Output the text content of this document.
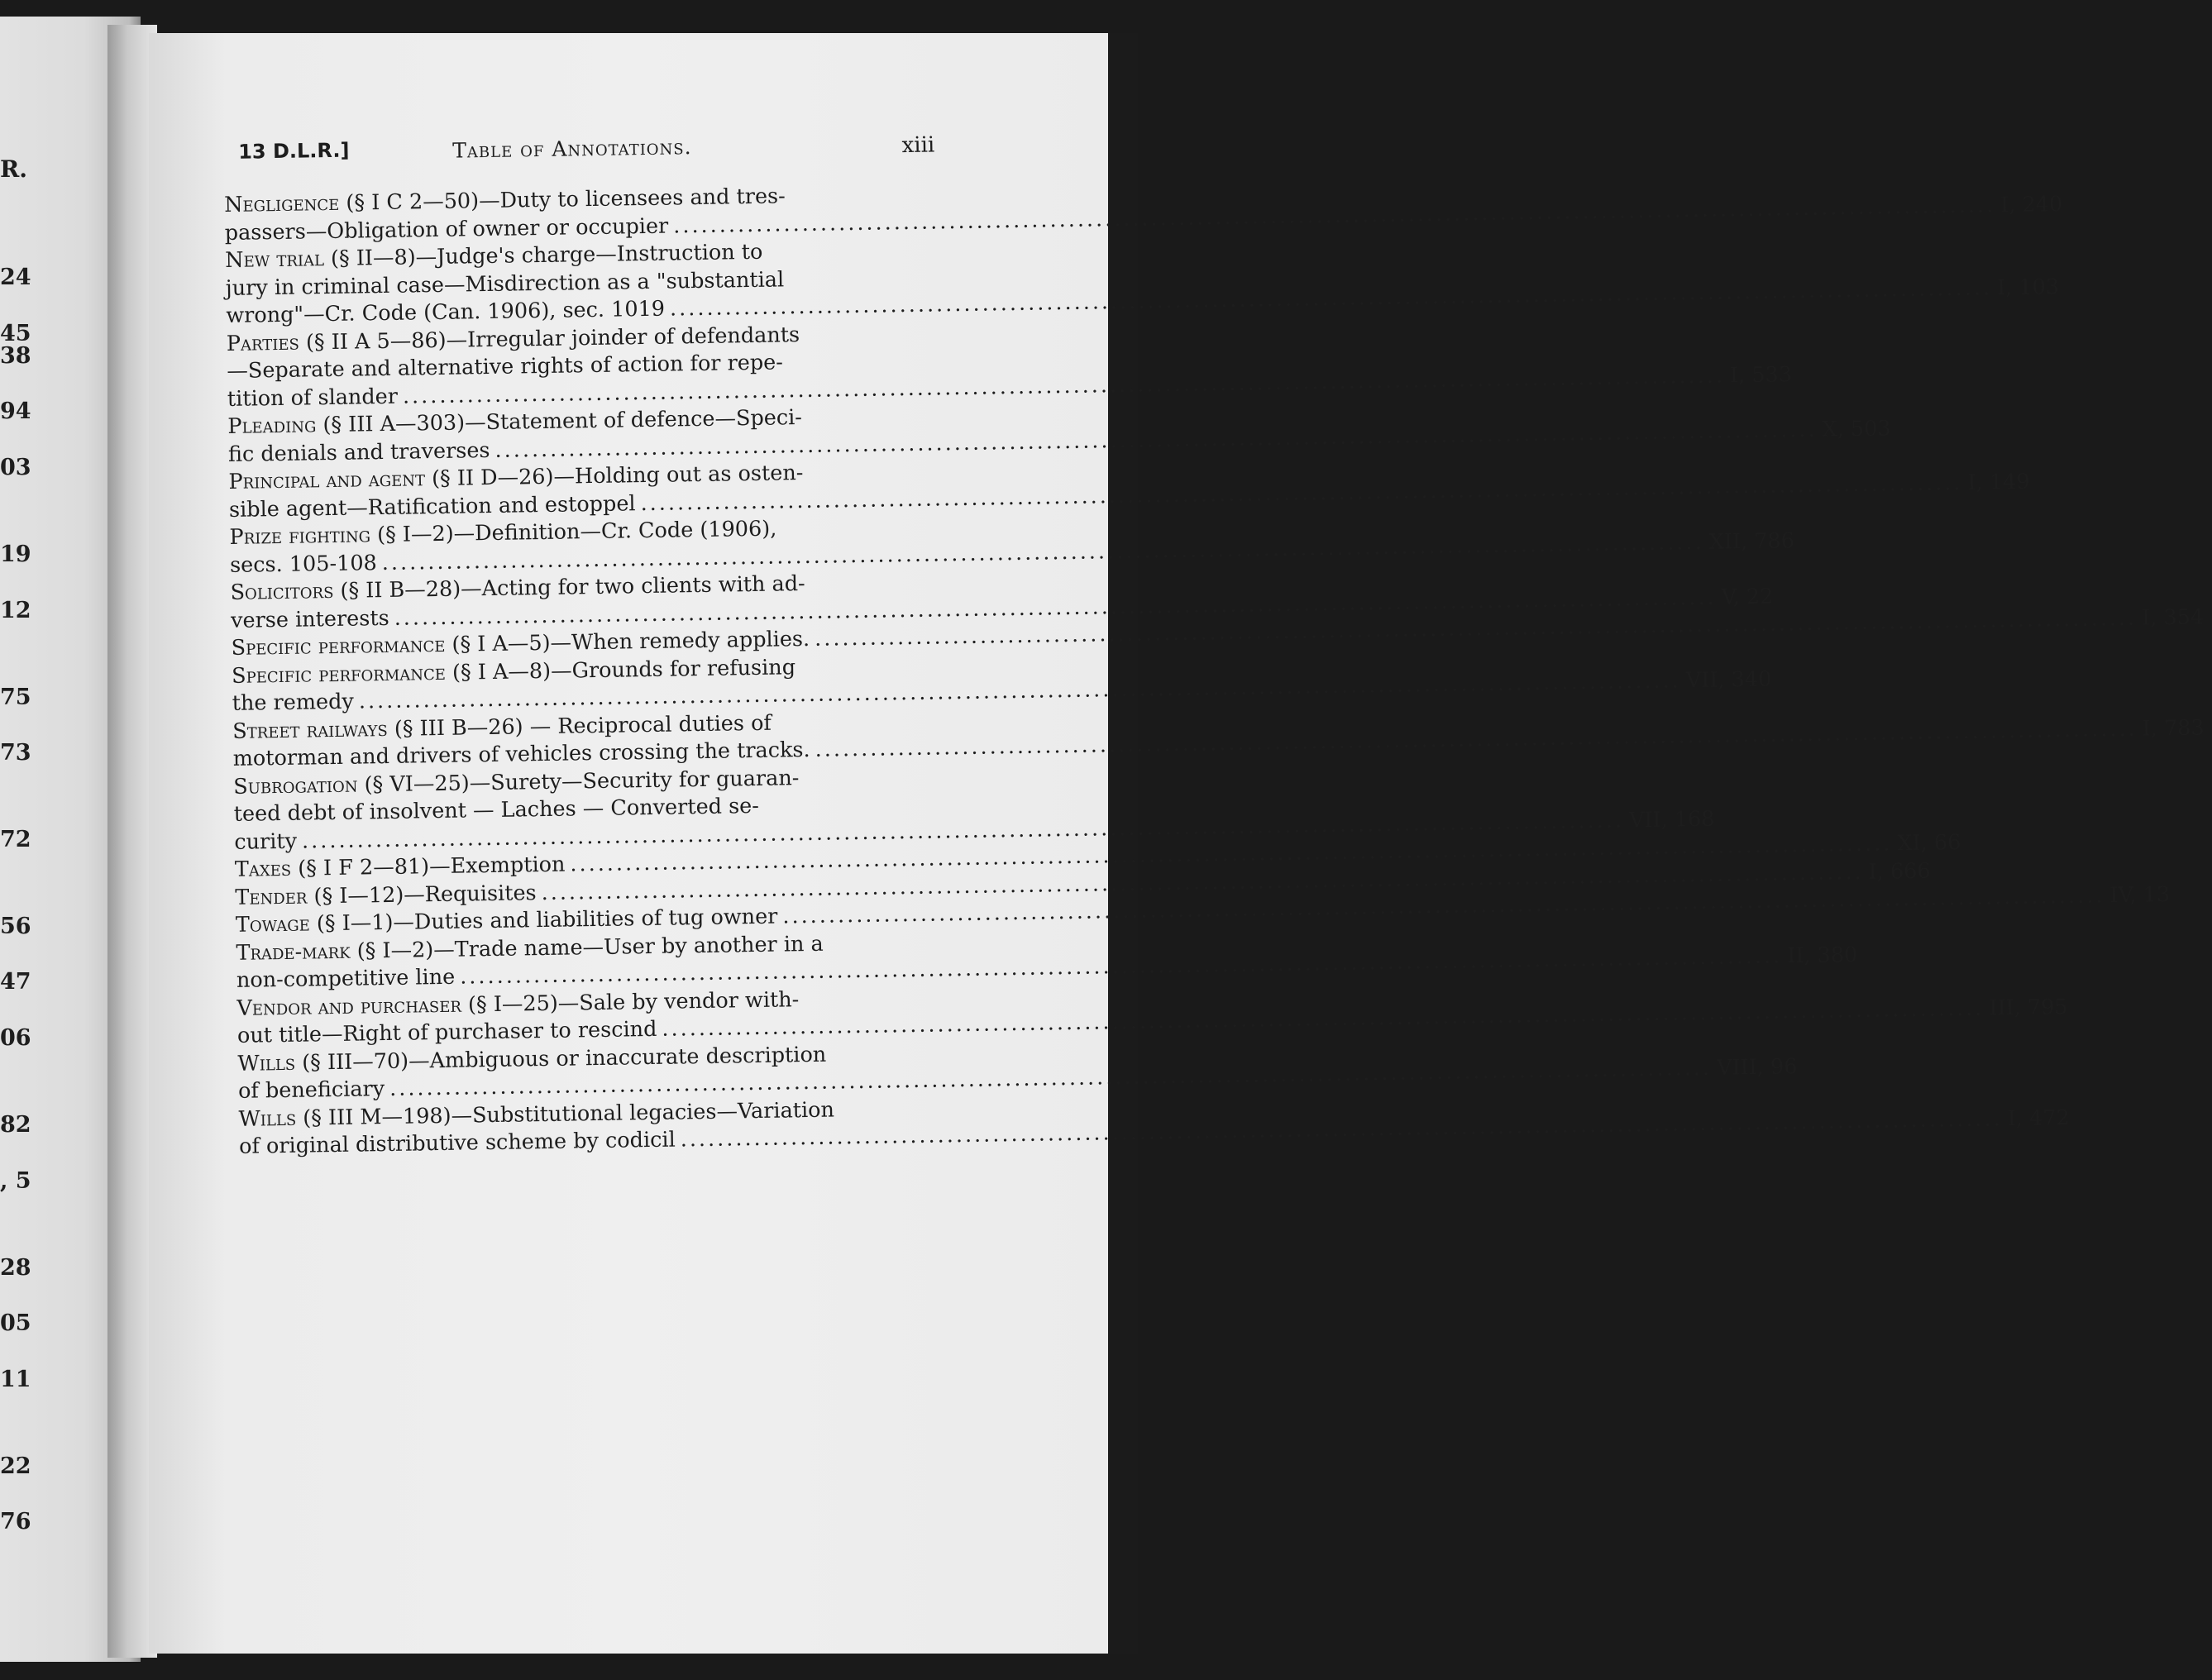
R.
24
45
38
94
03
19
12
75
73
72
56
47
06
82
, 5
28
05
11
22
76
13 D.L.R.]	Table of Annotations.	xiii

Negligence (§ I C 2—50)—Duty to licensees and tres-
passers—Obligation of owner or occupier..... I, 240

New trial (§ II—8)—Judge's charge—Instruction to
jury in criminal case—Misdirection as a "substantial
wrong"—Cr. Code (Can. 1906), sec. 1019..... I, 103

Parties (§ II A 5—86)—Irregular joinder of defendants
—Separate and alternative rights of action for repe-
tition of slander..... I, 533

Pleading (§ III A—303)—Statement of defence—Speci-
fic denials and traverses..... X, 503

Principal and agent (§ II D—26)—Holding out as osten-
sible agent—Ratification and estoppel..... I, 149

Prize fighting (§ I—2)—Definition—Cr. Code (1906),
secs. 105-108..... XII, 786

Solicitors (§ II B—28)—Acting for two clients with ad-
verse interests..... V, 22

Specific performance (§ I A—5)—When remedy applies...... I, 354

Specific performance (§ I A—8)—Grounds for refusing
the remedy..... VII, 340

Street railways (§ III B—26) — Reciprocal duties of
motorman and drivers of vehicles crossing the tracks...... I, 783

Subrogation (§ VI—25)—Surety—Security for guaran-
teed debt of insolvent — Laches — Converted se-
curity..... VII, 168

Taxes (§ I F 2—81)—Exemption..... XI, 66

Tender (§ I—12)—Requisites..... I, 666

Towage (§ I—1)—Duties and liabilities of tug owner..... IV, 13

Trade-mark (§ I—2)—Trade name—User by another in a
non-competitive line..... II, 380

Vendor and purchaser (§ I—25)—Sale by vendor with-
out title—Right of purchaser to rescind..... III, 795

Wills (§ III—70)—Ambiguous or inaccurate description
of beneficiary..... VIII, 96

Wills (§ III M—198)—Substitutional legacies—Variation
of original distributive scheme by codicil..... I, 472
